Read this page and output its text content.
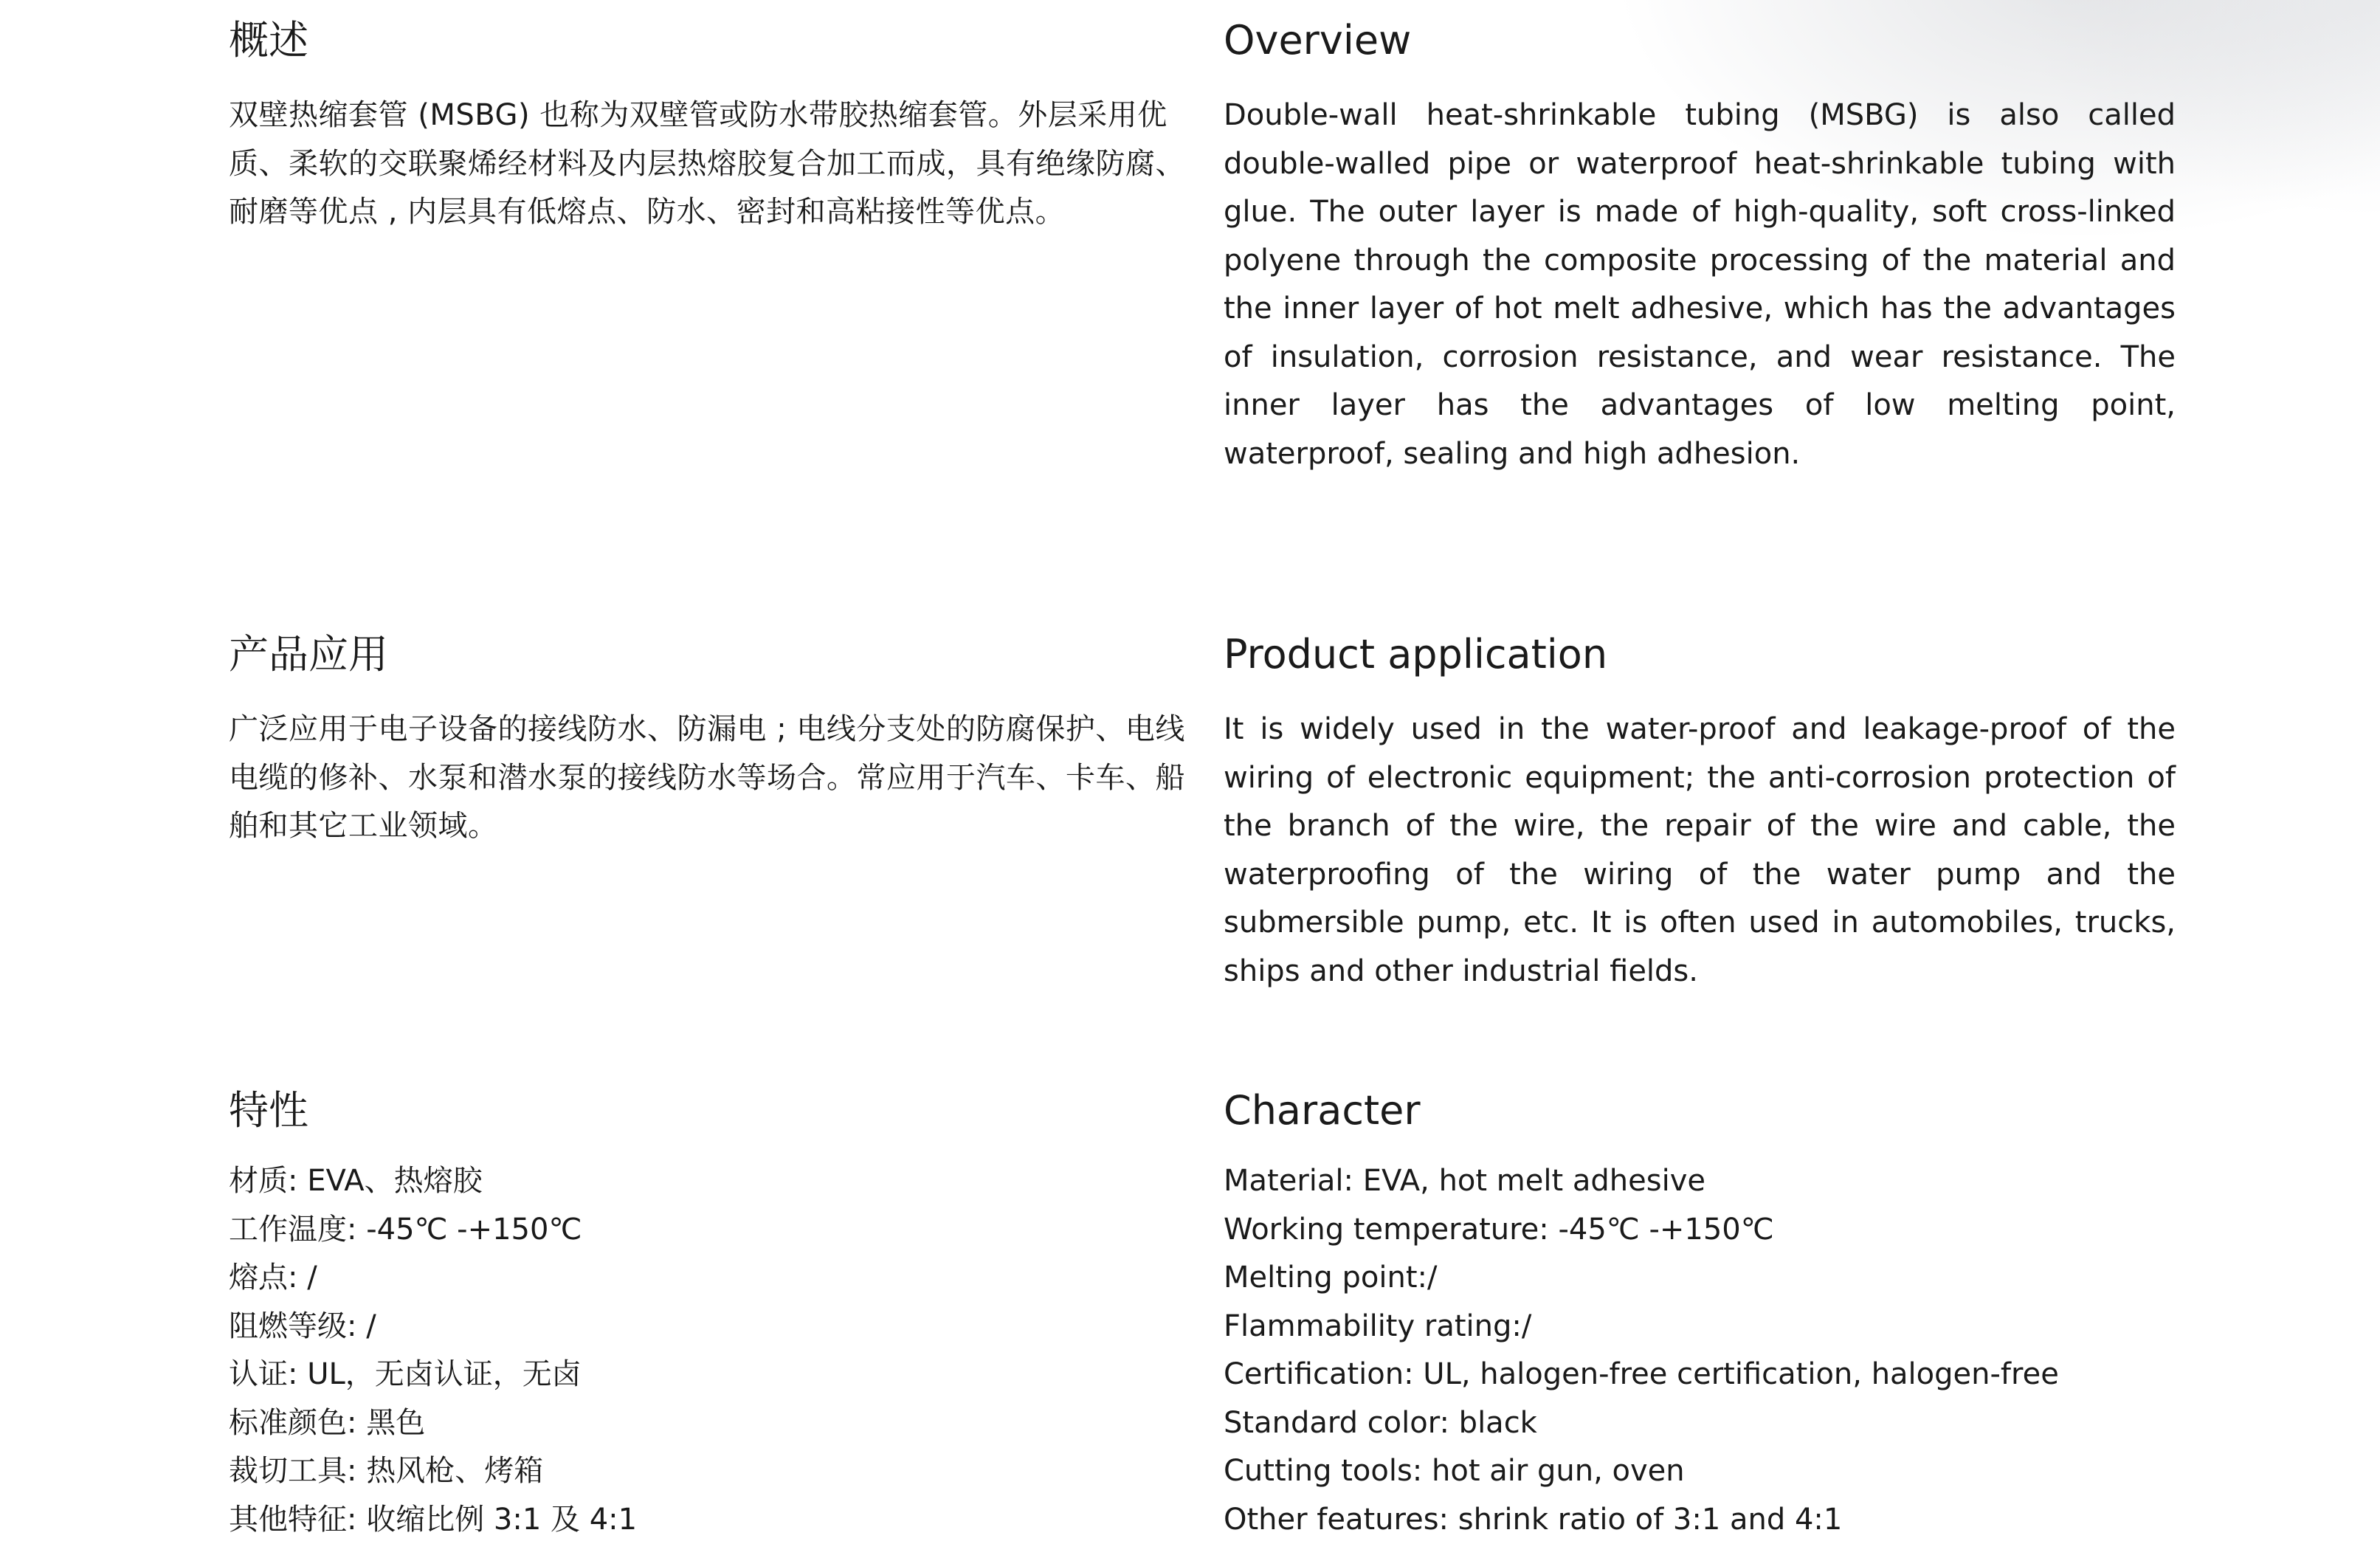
概述

双壁热缩套管 (MSBG) 也称为双壁管或防水带胶热缩套管。外层采用优质、柔软的交联聚烯经材料及内层热熔胶复合加工而成，具有绝缘防腐、耐磨等优点 , 内层具有低熔点、防水、密封和高粘接性等优点。

Overview

Double-wall heat-shrinkable tubing (MSBG) is also called double-walled pipe or waterproof heat-shrinkable tubing with glue. The outer layer is made of high-quality, soft cross-linked polyene through the composite processing of the material and the inner layer of hot melt adhesive, which has the advantages of insulation, corrosion resistance, and wear resistance. The inner layer has the advantages of low melting point, waterproof, sealing and high adhesion.

产品应用

广泛应用于电子设备的接线防水、防漏电 ; 电线分支处的防腐保护、电线电缆的修补、水泵和潜水泵的接线防水等场合。常应用于汽车、卡车、船舶和其它工业领域。

Product application

It is widely used in the water-proof and leakage-proof of the wiring of electronic equipment; the anti-corrosion protection of the branch of the wire, the repair of the wire and cable, the waterproofing of the wiring of the water pump and the submersible pump, etc. It is often used in automobiles, trucks, ships and other industrial fields.

特性
材质: EVA、热熔胶
工作温度: -45℃ -+150℃
熔点: /
阻燃等级: /
认证: UL，无卤认证，无卤
标准颜色: 黑色
裁切工具: 热风枪、烤箱
其他特征: 收缩比例 3:1 及 4:1
Character
Material: EVA, hot melt adhesive
Working temperature: -45℃ -+150℃
Melting point:/
Flammability rating:/
Certification: UL, halogen-free certification, halogen-free
Standard color: black
Cutting tools: hot air gun, oven
Other features: shrink ratio of 3:1 and 4:1
